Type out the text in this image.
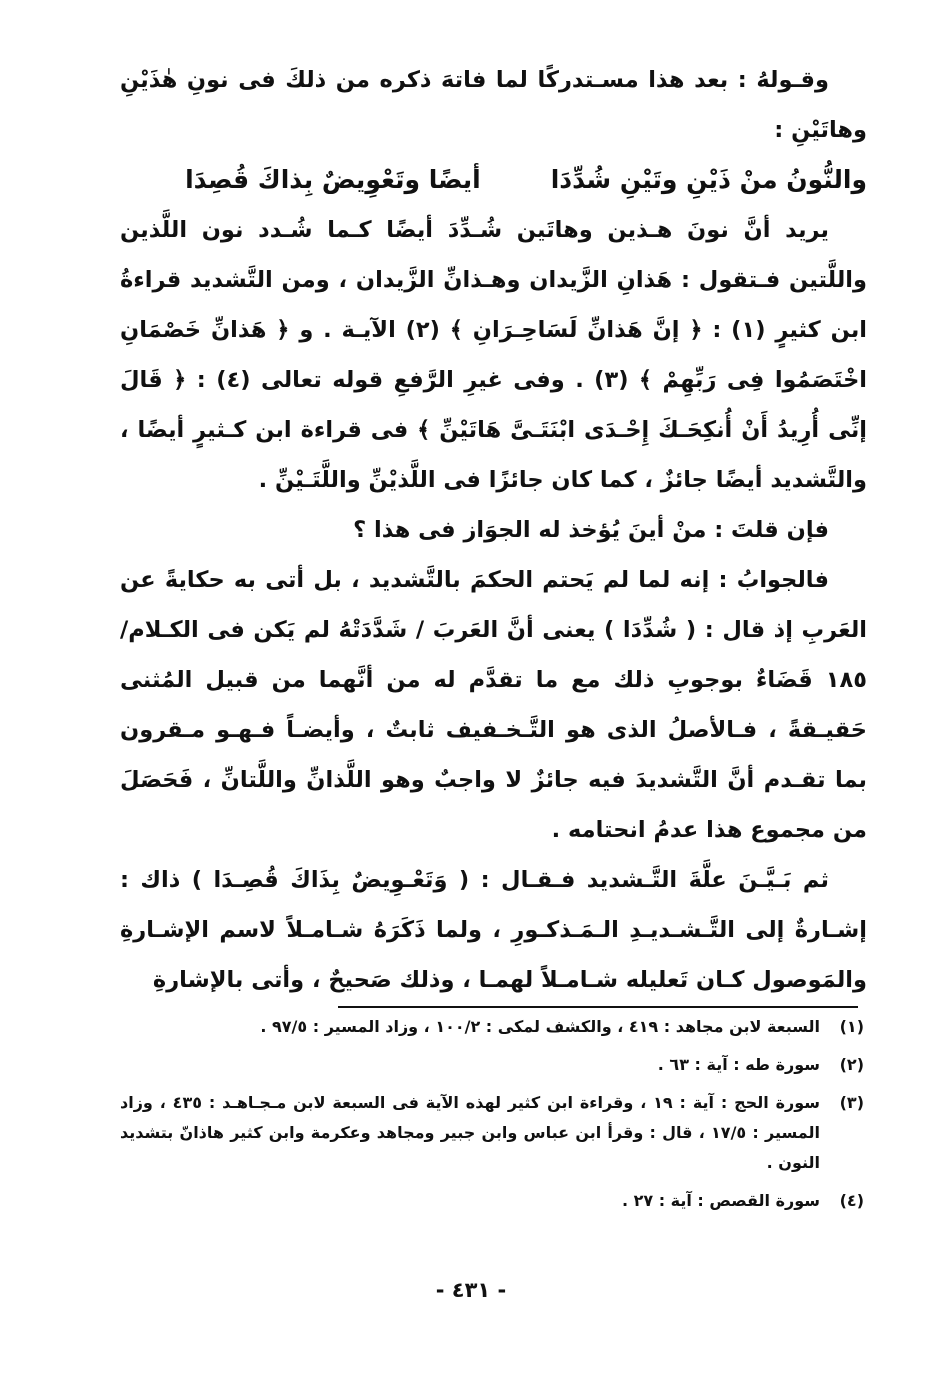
وقـولهُ : بعد هذا مسـتدركًا لما فاتهَ ذكره من ذلكَ فى نونِ هٰذَيْنِ وهاتَيْنِ :

والنُّونُ منْ ذَيْنِ وتَيْنِ شُدِّدَا
أيضًا وتَعْوِيضٌ بِذاكَ قُصِدَا

يريد أنَّ نونَ هـذين وهاتَين شُـدِّدَ أيضًا كـما شُـدد نون اللَّذين واللَّتين فـتقول : هَذانِ الزَّيدان وهـذانِّ الزَّيدان ، ومن التَّشديد قراءةُ ابن كثيرٍ (١) : ﴿ إنَّ هَذانِّ لَسَاحِـرَانِ ﴾ (٢) الآيـة . و ﴿ هَذانِّ خَصْمَانِ اخْتَصَمُوا فِى رَبِّهِمْ ﴾ (٣) . وفى غيرِ الرَّفعِ قوله تعالى (٤) : ﴿ قَالَ إنِّى أُرِيدُ أَنْ أُنكِحَـكَ إِحْـدَى ابْنَتَـىَّ هَاتَيْنِّ ﴾ فى قراءة ابن كـثيرٍ أيضًا ، والتَّشديد أيضًا جائزٌ ، كما كان جائزًا فى اللَّذيْنِّ واللَّتَـيْنِّ .

فإن قلتَ : منْ أينَ يُؤخذ له الجوَاز فى هذا ؟

فالجوابُ : إنه لما لم يَحتم الحكمَ بالتَّشديد ، بل أتى به حكايةً عن العَربِ إذ قال : ( شُدِّدَا ) يعنى أنَّ العَربَ / شَدَّدَتْهُ لم يَكن فى الكـلام/١٨٥ قَضَاءٌ بوجوبِ ذلك مع ما تقدَّم له من أنَّهما من قبيل المُثنى حَقيـقةً ، فـالأصلُ الذى هو التَّـخـفيف ثابتٌ ، وأيضـاً فـهـو مـقرون بما تقـدم أنَّ التَّشديدَ فيه جائزٌ لا واجبٌ وهو اللَّذانِّ واللَّتانِّ ، فَحَصَلَ من مجموع هذا عدمُ انحتامه .

ثم بَـيَّـنَ علَّةَ التَّـشديد فـقـال : ( وَتَعْـوِيضٌ بِذَاكَ قُصِـدَا ) ذاك : إشـارةٌ إلى التَّـشـديـدِ الـمَـذكـورِ ، ولما ذَكَرَهُ شـامـلاً لاسم الإشـارةِ والمَوصول كـان تَعليله شـامـلاً لهمـا ، وذلك صَحيحٌ ، وأتى بالإشارةِ

(١)
السبعة لابن مجاهد : ٤١٩ ، والكشف لمكى : ١٠٠/٢ ، وزاد المسير : ٩٧/٥ .
(٢)
سورة طه : آية : ٦٣ .
(٣)
سورة الحج : آية : ١٩ ، وقراءة ابن كثير لهذه الآية فى السبعة لابن مـجـاهـد : ٤٣٥ ، وزاد المسير : ١٧/٥ ، قال : وقرأ ابن عباس وابن جبير ومجاهد وعكرمة وابن كثير هاذانّ بتشديد النون .
(٤)
سورة القصص : آية : ٢٧ .
- ٤٣١ -
